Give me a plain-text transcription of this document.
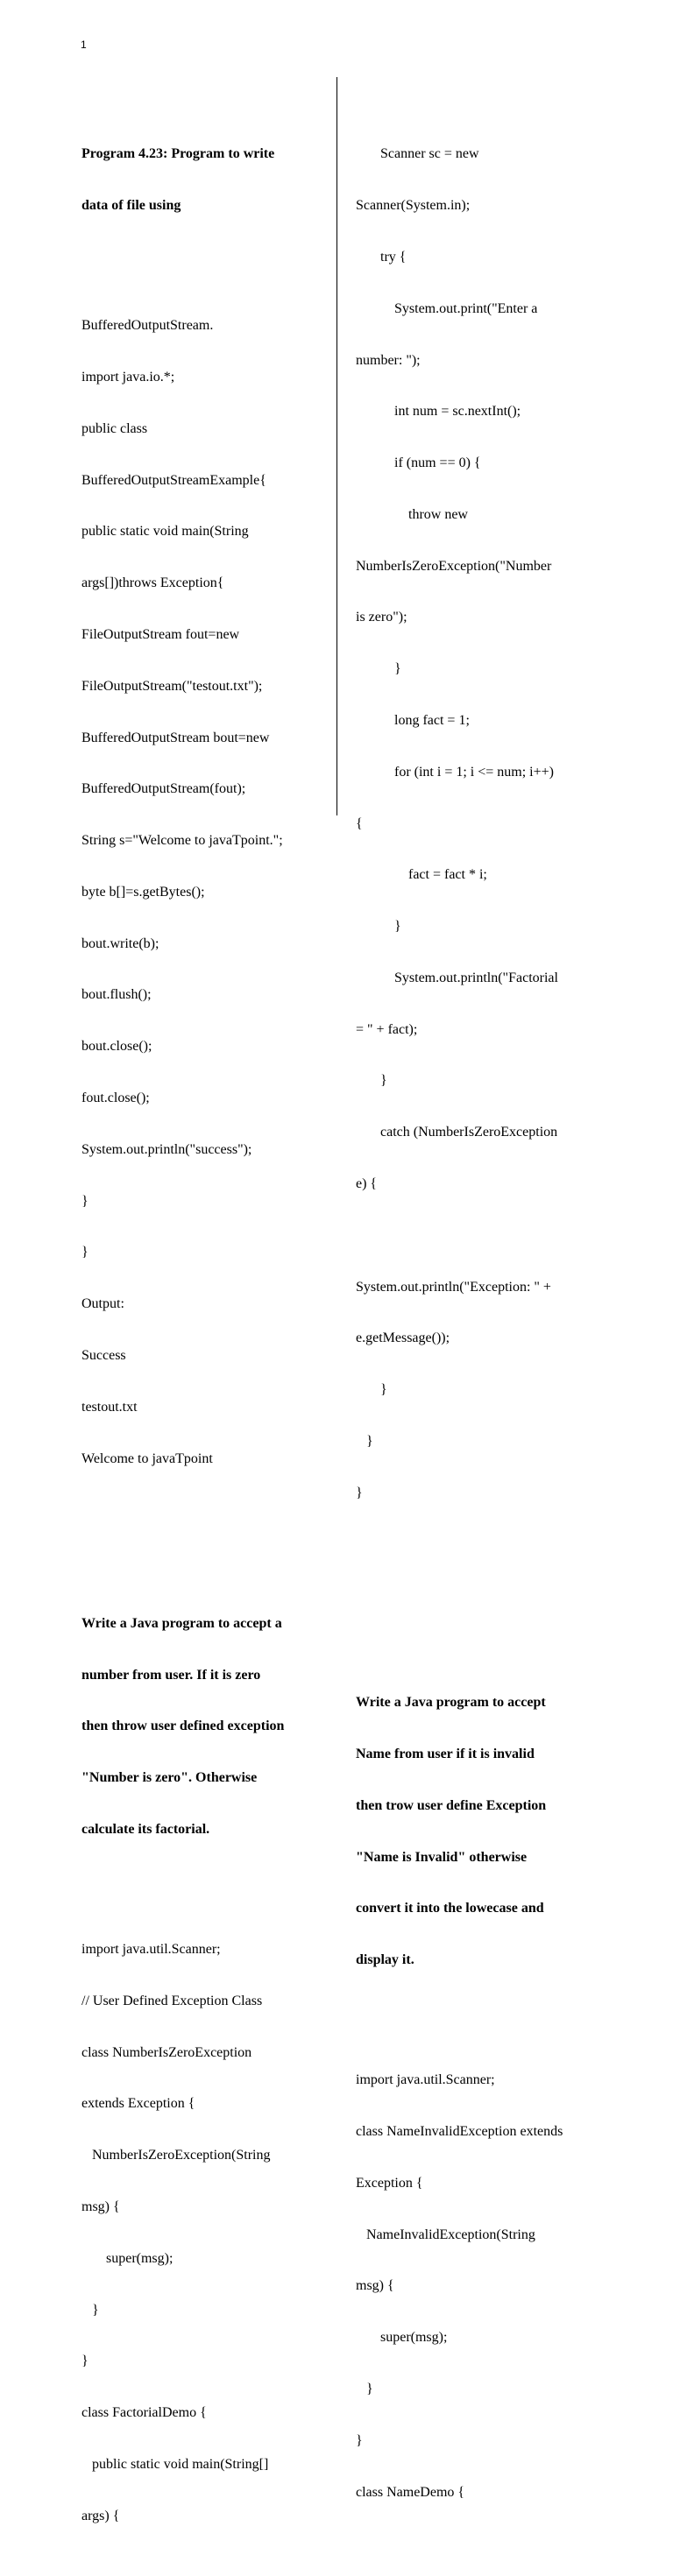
1

Program 4.23: Program to write

data of file using

BufferedOutputStream.

import java.io.*;

public class

BufferedOutputStreamExample{

public static void main(String

args[])throws Exception{

FileOutputStream fout=new

FileOutputStream("testout.txt");

BufferedOutputStream bout=new

BufferedOutputStream(fout);

String s="Welcome to javaTpoint.";

byte b[]=s.getBytes();

bout.write(b);

bout.flush();

bout.close();

fout.close();

System.out.println("success");

}

}

Output:

Success

testout.txt

Welcome to javaTpoint

Write a Java program to accept a

number from user. If it is zero

then throw user defined exception

"Number is zero". Otherwise

calculate its factorial.

import java.util.Scanner;

// User Defined Exception Class

class NumberIsZeroException

extends Exception {

NumberIsZeroException(String

msg) {

super(msg);

}

}

class FactorialDemo {

public static void main(String[]

args) {

Scanner sc = new

Scanner(System.in);

try {

System.out.print("Enter a

number: ");

int num = sc.nextInt();

if (num == 0) {

throw new

NumberIsZeroException("Number

is zero");

}

long fact = 1;

for (int i = 1; i <= num; i++)

{

fact = fact * i;

}

System.out.println("Factorial

= " + fact);

}

catch (NumberIsZeroException

e) {

System.out.println("Exception: " +

e.getMessage());

}

}

}

Write a Java program to accept

Name from user if it is invalid

then trow user define Exception

"Name is Invalid" otherwise

convert it into the lowecase and

display it.

import java.util.Scanner;

class NameInvalidException extends

Exception {

NameInvalidException(String

msg) {

super(msg);

}

}

class NameDemo {
